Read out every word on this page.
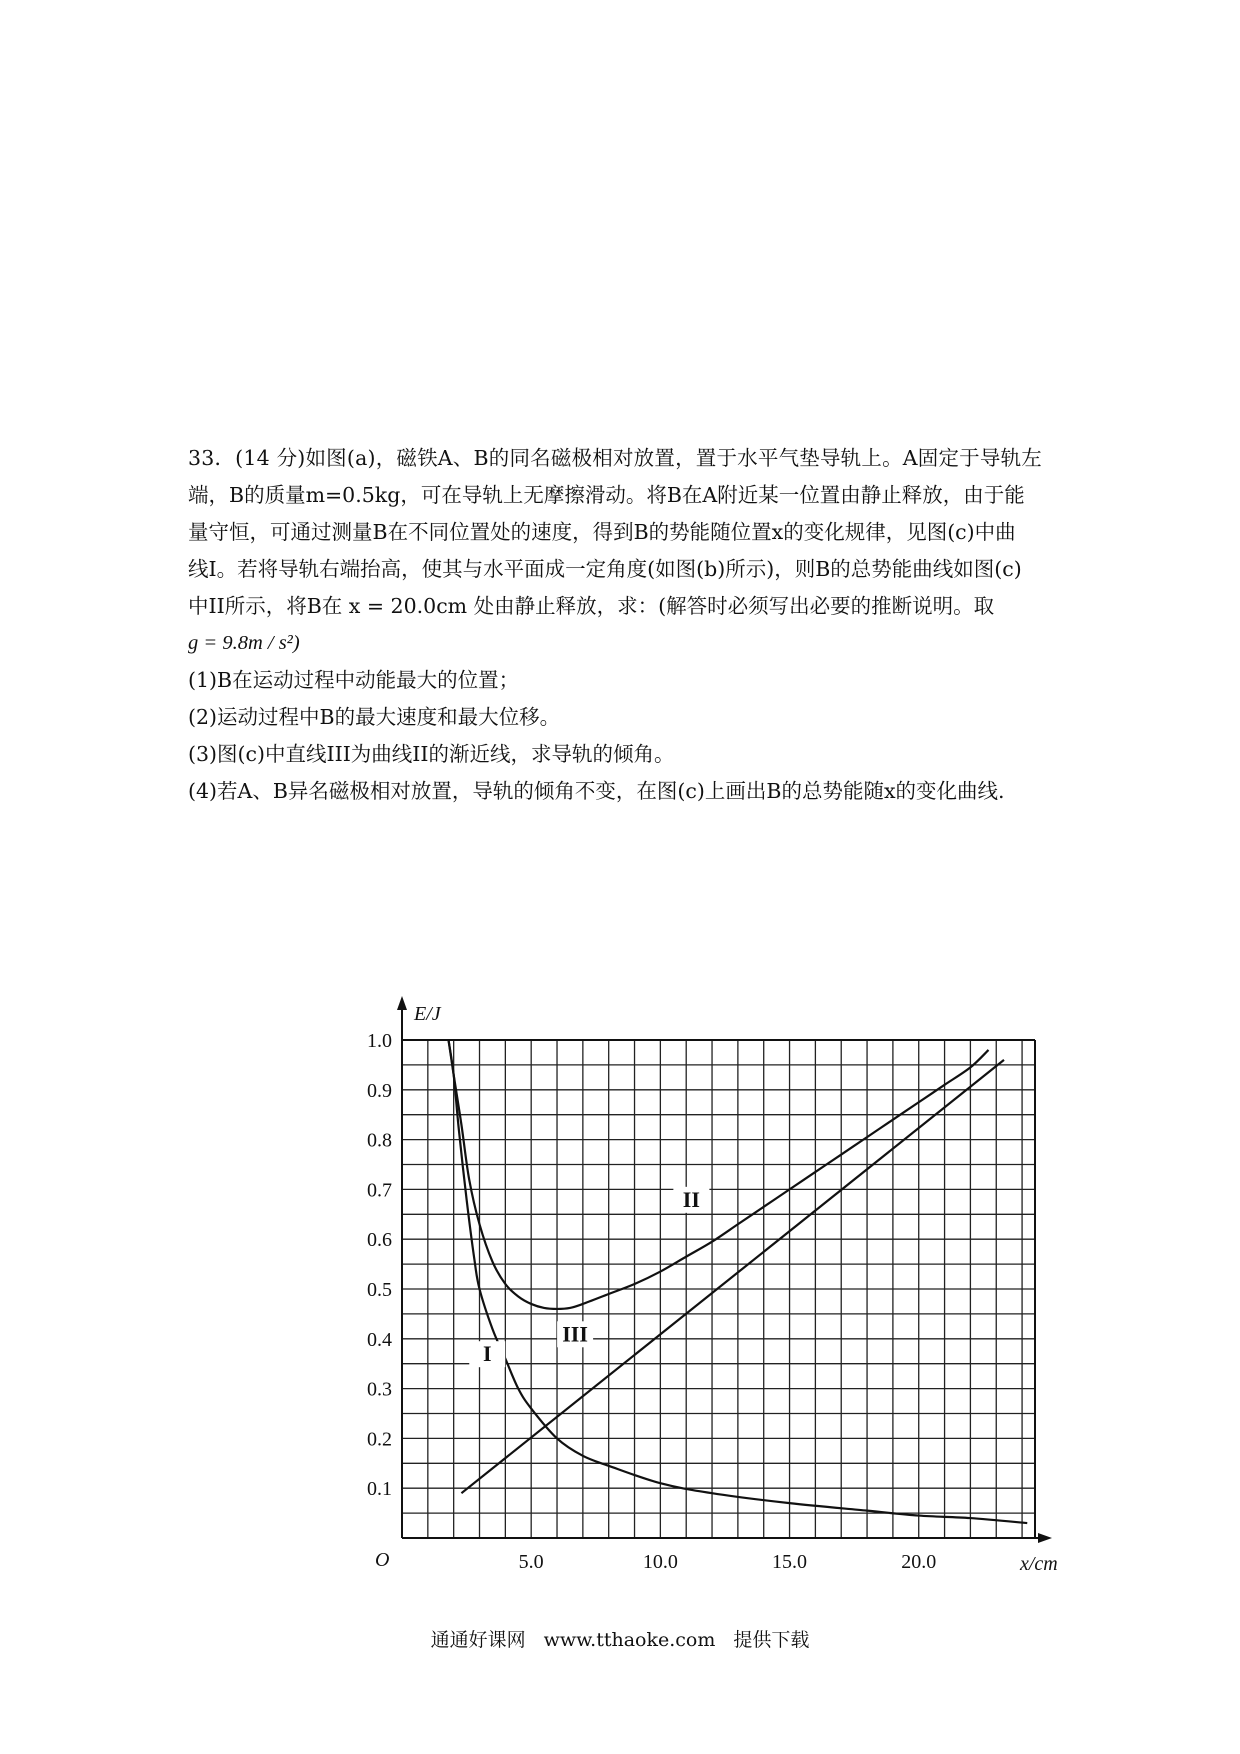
33．(14 分)如图(a)，磁铁A、B的同名磁极相对放置，置于水平气垫导轨上。A固定于导轨左

端，B的质量m=0.5kg，可在导轨上无摩擦滑动。将B在A附近某一位置由静止释放，由于能

量守恒，可通过测量B在不同位置处的速度，得到B的势能随位置x的变化规律，见图(c)中曲

线I。若将导轨右端抬高，使其与水平面成一定角度(如图(b)所示)，则B的总势能曲线如图(c)

中II所示，将B在 x = 20.0cm 处由静止释放，求：(解答时必须写出必要的推断说明。取

g = 9.8m / s²)

(1)B在运动过程中动能最大的位置；

(2)运动过程中B的最大速度和最大位移。

(3)图(c)中直线III为曲线II的渐近线，求导轨的倾角。

(4)若A、B异名磁极相对放置，导轨的倾角不变，在图(c)上画出B的总势能随x的变化曲线.

0.1
0.2
0.3
0.4
0.5
0.6
0.7
0.8
0.9
1.0
5.0	10.0	15.0	20.0
E/J
x/cm
O
I
II
III
通通好课网 www.tthaoke.com 提供下载
